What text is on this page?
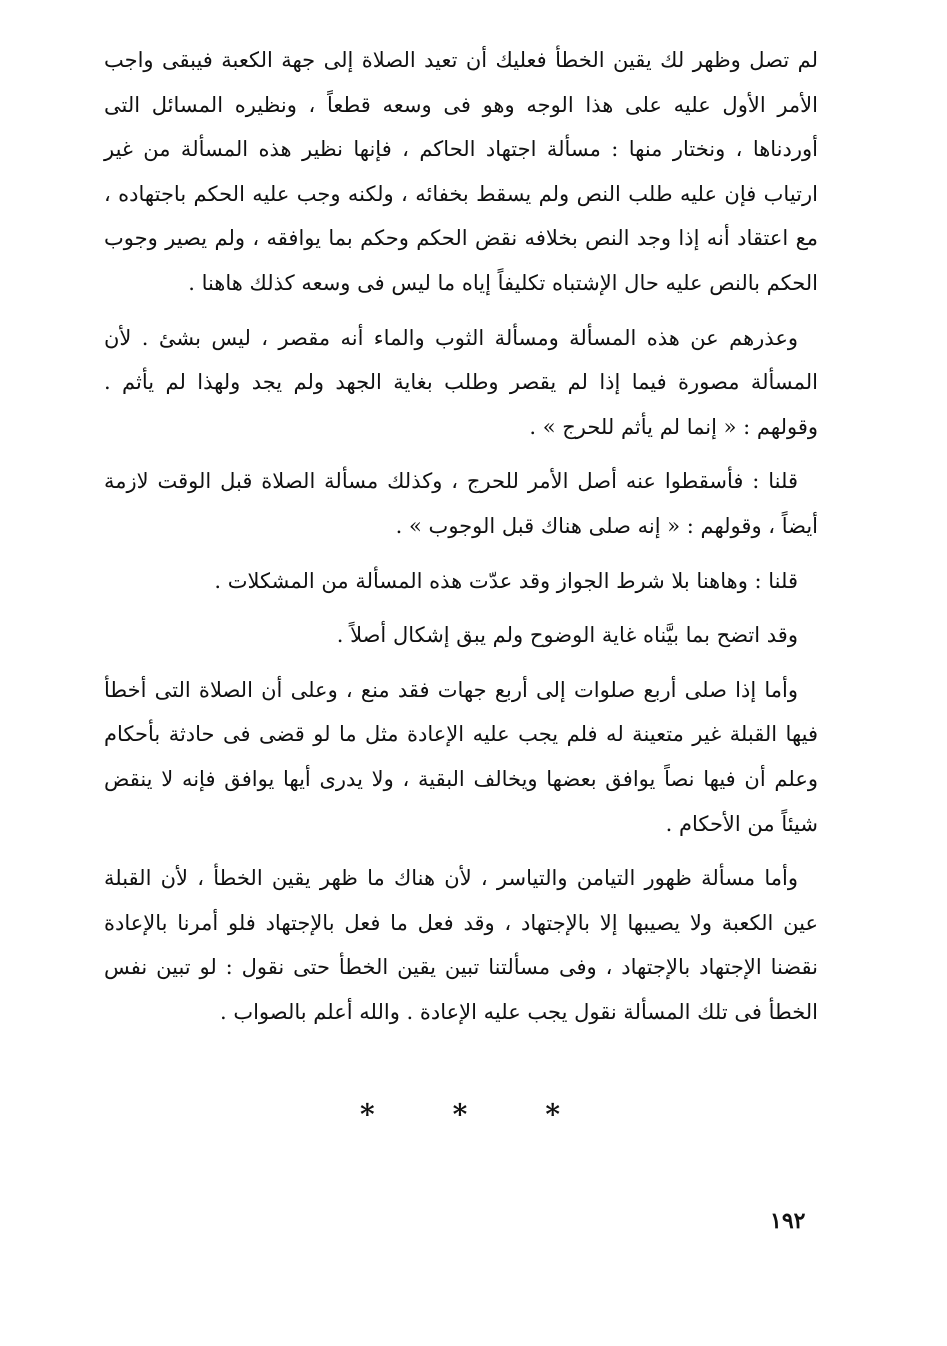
لم تصل وظهر لك يقين الخطأ فعليك أن تعيد الصلاة إلى جهة الكعبة فيبقى واجب الأمر الأول عليه على هذا الوجه وهو فى وسعه قطعاً ، ونظيره المسائل التى أوردناها ، ونختار منها : مسألة اجتهاد الحاكم ، فإنها نظير هذه المسألة من غير ارتياب فإن عليه طلب النص ولم يسقط بخفائه ، ولكنه وجب عليه الحكم باجتهاده ، مع اعتقاد أنه إذا وجد النص بخلافه نقض الحكم وحكم بما يوافقه ، ولم يصير وجوب الحكم بالنص عليه حال الإشتباه تكليفاً إياه ما ليس فى وسعه كذلك هاهنا .

وعذرهم عن هذه المسألة ومسألة الثوب والماء أنه مقصر ، ليس بشئ . لأن المسألة مصورة فيما إذا لم يقصر وطلب بغاية الجهد ولم يجد ولهذا لم يأثم . وقولهم : « إنما لم يأثم للحرج » .

قلنا : فأسقطوا عنه أصل الأمر للحرج ، وكذلك مسألة الصلاة قبل الوقت لازمة أيضاً ، وقولهم : « إنه صلى هناك قبل الوجوب » .

قلنا : وهاهنا بلا شرط الجواز وقد عدّت هذه المسألة من المشكلات .

وقد اتضح بما بيَّناه غاية الوضوح ولم يبق إشكال أصلاً .

وأما إذا صلى أربع صلوات إلى أربع جهات فقد منع ، وعلى أن الصلاة التى أخطأ فيها القبلة غير متعينة له فلم يجب عليه الإعادة مثل ما لو قضى فى حادثة بأحكام وعلم أن فيها نصاً يوافق بعضها ويخالف البقية ، ولا يدرى أيها يوافق فإنه لا ينقض شيئاً من الأحكام .

وأما مسألة ظهور التيامن والتياسر ، لأن هناك ما ظهر يقين الخطأ ، لأن القبلة عين الكعبة ولا يصيبها إلا بالإجتهاد ، وقد فعل ما فعل بالإجتهاد فلو أمرنا بالإعادة نقضنا الإجتهاد بالإجتهاد ، وفى مسألتنا تبين يقين الخطأ حتى نقول : لو تبين نفس الخطأ فى تلك المسألة نقول يجب عليه الإعادة . والله أعلم بالصواب .

*	*	*
١٩٢
